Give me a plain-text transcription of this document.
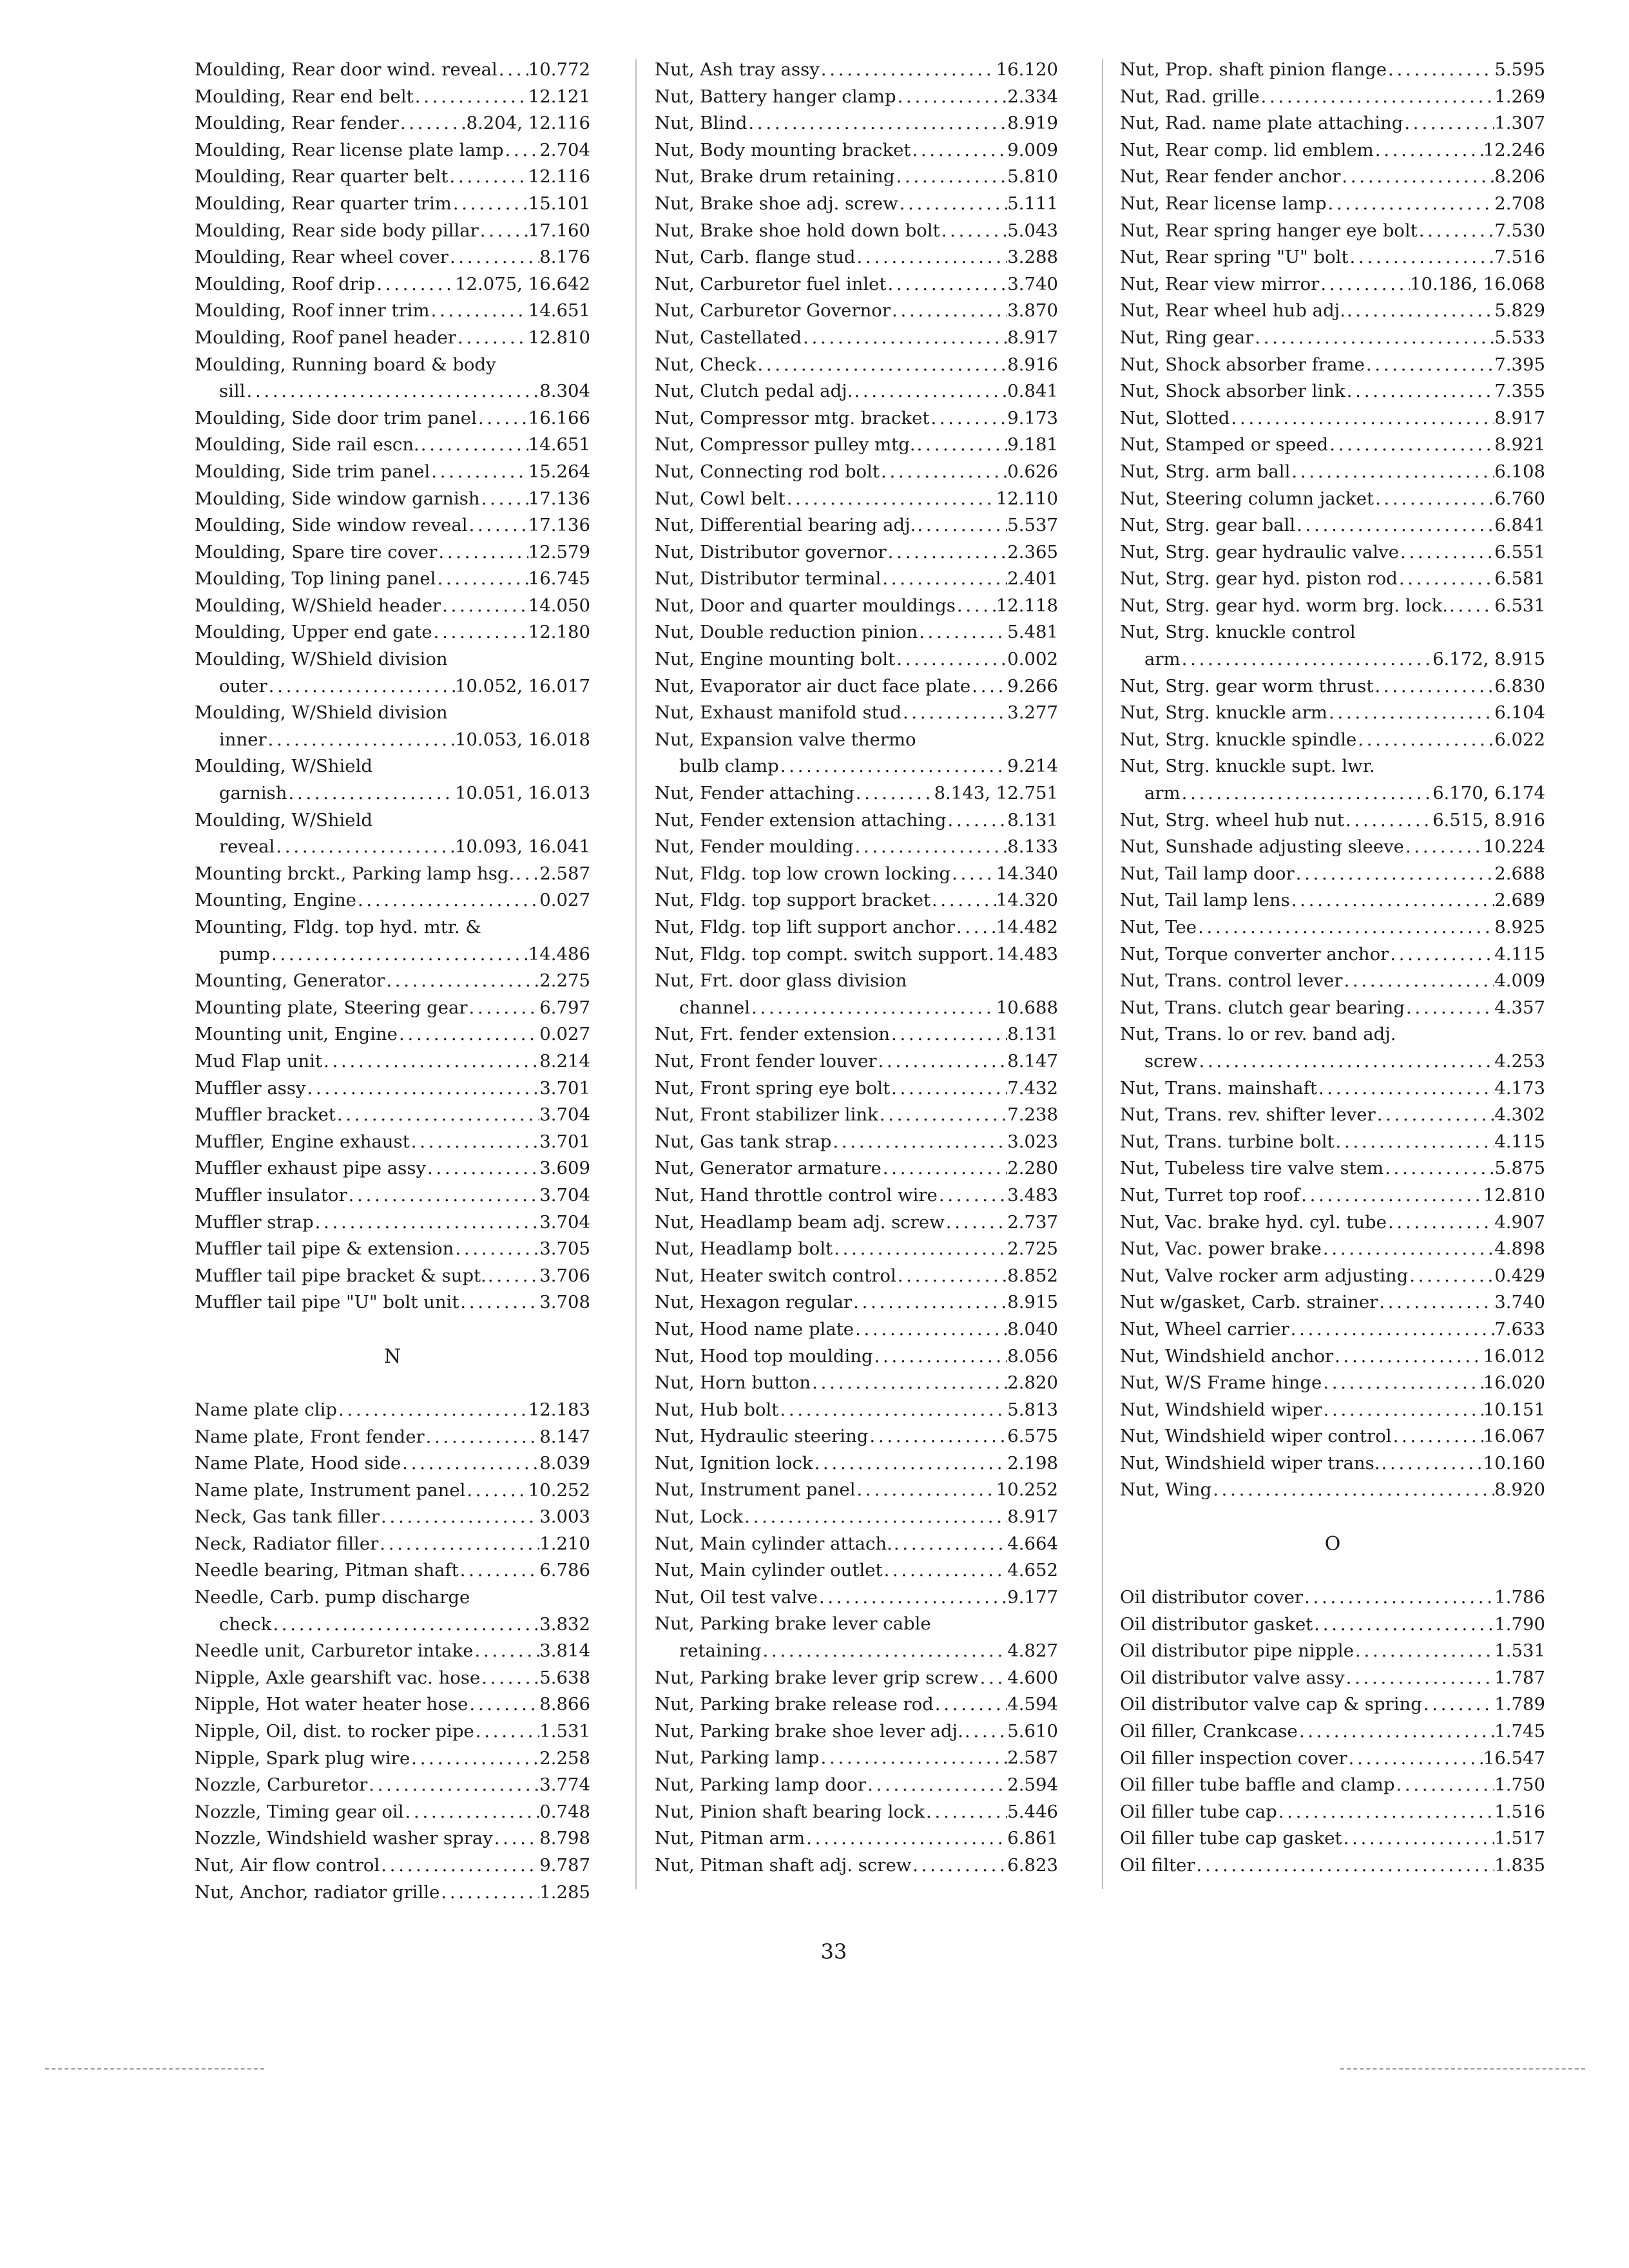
Moulding, Rear door wind. reveal . . . 10.772
Moulding, Rear end belt . . .	12.121
Moulding, Rear fender . . .	8.204, 12.116
Moulding, Rear license plate lamp . . . 2.704
Moulding, Rear quarter belt . . .	12.116
Moulding, Rear quarter trim . . .	15.101
Moulding, Rear side body pillar . . .	17.160
Moulding, Rear wheel cover . . .	8.176
Moulding, Roof drip . . .	12.075, 16.642
Moulding, Roof inner trim . . .	14.651
Moulding, Roof panel header . . .	12.810
Moulding, Running board & body
sill . . .	8.304
Moulding, Side door trim panel . . .	16.166
Moulding, Side rail escn. . . .	14.651
Moulding, Side trim panel . . .	15.264
Moulding, Side window garnish . . .	17.136
Moulding, Side window reveal . . .	17.136
Moulding, Spare tire cover . . .	12.579
Moulding, Top lining panel . . .	16.745
Moulding, W/Shield header . . .	14.050
Moulding, Upper end gate . . .	12.180
Moulding, W/Shield division
outer . . .	10.052, 16.017
Moulding, W/Shield division
inner . . .	10.053, 16.018
Moulding, W/Shield
garnish . . .	10.051, 16.013
Moulding, W/Shield
reveal . . .	10.093, 16.041
Mounting brckt., Parking lamp hsg. . . . 2.587
Mounting, Engine . . .	0.027
Mounting, Fldg. top hyd. mtr. &
pump . . .	14.486
Mounting, Generator . . .	2.275
Mounting plate, Steering gear . . .	6.797
Mounting unit, Engine . . .	0.027
Mud Flap unit . . .	8.214
Muffler assy . . .	3.701
Muffler bracket . . .	3.704
Muffler, Engine exhaust . . .	3.701
Muffler exhaust pipe assy . . .	3.609
Muffler insulator . . .	3.704
Muffler strap . . .	3.704
Muffler tail pipe & extension . . .	3.705
Muffler tail pipe bracket & supt. . . .	3.706
Muffler tail pipe "U" bolt unit . . .	3.708
N
Name plate clip . . .	12.183
Name plate, Front fender . . .	8.147
Name Plate, Hood side . . .	8.039
Name plate, Instrument panel . . .	10.252
Neck, Gas tank filler . . .	3.003
Neck, Radiator filler . . .	1.210
Needle bearing, Pitman shaft . . .	6.786
Needle, Carb. pump discharge
check . . .	3.832
Needle unit, Carburetor intake . . .	3.814
Nipple, Axle gearshift vac. hose . . .	5.638
Nipple, Hot water heater hose . . .	8.866
Nipple, Oil, dist. to rocker pipe . . .	1.531
Nipple, Spark plug wire . . .	2.258
Nozzle, Carburetor . . .	3.774
Nozzle, Timing gear oil . . .	0.748
Nozzle, Windshield washer spray . . .	8.798
Nut, Air flow control . . .	9.787
Nut, Anchor, radiator grille . . .	1.285
Nut, Ash tray assy . . .	16.120
Nut, Battery hanger clamp . . .	2.334
Nut, Blind . . .	8.919
Nut, Body mounting bracket . . .	9.009
Nut, Brake drum retaining . . .	5.810
Nut, Brake shoe adj. screw . . .	5.111
Nut, Brake shoe hold down bolt . . .	5.043
Nut, Carb. flange stud . . .	3.288
Nut, Carburetor fuel inlet . . .	3.740
Nut, Carburetor Governor . . .	3.870
Nut, Castellated . . .	8.917
Nut, Check . . .	8.916
Nut, Clutch pedal adj. . . .	0.841
Nut, Compressor mtg. bracket . . .	9.173
Nut, Compressor pulley mtg. . . .	9.181
Nut, Connecting rod bolt . . .	0.626
Nut, Cowl belt . . .	12.110
Nut, Differential bearing adj. . . .	5.537
Nut, Distributor governor . . .	2.365
Nut, Distributor terminal . . .	2.401
Nut, Door and quarter mouldings . . . 12.118
Nut, Double reduction pinion . . .	5.481
Nut, Engine mounting bolt . . .	0.002
Nut, Evaporator air duct face plate . . . 9.266
Nut, Exhaust manifold stud . . .	3.277
Nut, Expansion valve thermo
bulb clamp . . .	9.214
Nut, Fender attaching . . .	8.143, 12.751
Nut, Fender extension attaching . . .	8.131
Nut, Fender moulding . . .	8.133
Nut, Fldg. top low crown locking . . .	14.340
Nut, Fldg. top support bracket . . .	14.320
Nut, Fldg. top lift support anchor . . . 14.482
Nut, Fldg. top compt. switch support . . . 14.483
Nut, Frt. door glass division
channel . . .	10.688
Nut, Frt. fender extension . . .	8.131
Nut, Front fender louver . . .	8.147
Nut, Front spring eye bolt . . .	7.432
Nut, Front stabilizer link . . .	7.238
Nut, Gas tank strap . . .	3.023
Nut, Generator armature . . .	2.280
Nut, Hand throttle control wire . . .	3.483
Nut, Headlamp beam adj. screw . . .	2.737
Nut, Headlamp bolt . . .	2.725
Nut, Heater switch control . . .	8.852
Nut, Hexagon regular . . .	8.915
Nut, Hood name plate . . .	8.040
Nut, Hood top moulding . . .	8.056
Nut, Horn button . . .	2.820
Nut, Hub bolt . . .	5.813
Nut, Hydraulic steering . . .	6.575
Nut, Ignition lock . . .	2.198
Nut, Instrument panel . . .	10.252
Nut, Lock . . .	8.917
Nut, Main cylinder attach. . . .	4.664
Nut, Main cylinder outlet . . .	4.652
Nut, Oil test valve . . .	9.177
Nut, Parking brake lever cable
retaining . . .	4.827
Nut, Parking brake lever grip screw . . . 4.600
Nut, Parking brake release rod . . .	4.594
Nut, Parking brake shoe lever adj. . . . 5.610
Nut, Parking lamp . . .	2.587
Nut, Parking lamp door . . .	2.594
Nut, Pinion shaft bearing lock . . .	5.446
Nut, Pitman arm . . .	6.861
Nut, Pitman shaft adj. screw . . .	6.823
Nut, Prop. shaft pinion flange . . .	5.595
Nut, Rad. grille . . .	1.269
Nut, Rad. name plate attaching . . .	1.307
Nut, Rear comp. lid emblem . . .	12.246
Nut, Rear fender anchor . . .	8.206
Nut, Rear license lamp . . .	2.708
Nut, Rear spring hanger eye bolt . . .	7.530
Nut, Rear spring "U" bolt . . .	7.516
Nut, Rear view mirror . . .	10.186, 16.068
Nut, Rear wheel hub adj. . . .	5.829
Nut, Ring gear . . .	5.533
Nut, Shock absorber frame . . .	7.395
Nut, Shock absorber link . . .	7.355
Nut, Slotted . . .	8.917
Nut, Stamped or speed . . .	8.921
Nut, Strg. arm ball . . .	6.108
Nut, Steering column jacket . . .	6.760
Nut, Strg. gear ball . . .	6.841
Nut, Strg. gear hydraulic valve . . .	6.551
Nut, Strg. gear hyd. piston rod . . .	6.581
Nut, Strg. gear hyd. worm brg. lock. . . .	6.531
Nut, Strg. knuckle control
arm . . .	6.172, 8.915
Nut, Strg. gear worm thrust . . .	6.830
Nut, Strg. knuckle arm . . .	6.104
Nut, Strg. knuckle spindle . . .	6.022
Nut, Strg. knuckle supt. lwr.
arm . . .	6.170, 6.174
Nut, Strg. wheel hub nut . . .	6.515, 8.916
Nut, Sunshade adjusting sleeve . . .	10.224
Nut, Tail lamp door . . .	2.688
Nut, Tail lamp lens . . .	2.689
Nut, Tee . . .	8.925
Nut, Torque converter anchor . . .	4.115
Nut, Trans. control lever . . .	4.009
Nut, Trans. clutch gear bearing . . .	4.357
Nut, Trans. lo or rev. band adj.
screw . . .	4.253
Nut, Trans. mainshaft . . .	4.173
Nut, Trans. rev. shifter lever . . .	4.302
Nut, Trans. turbine bolt . . .	4.115
Nut, Tubeless tire valve stem . . .	5.875
Nut, Turret top roof . . .	12.810
Nut, Vac. brake hyd. cyl. tube . . .	4.907
Nut, Vac. power brake . . .	4.898
Nut, Valve rocker arm adjusting . . .	0.429
Nut w/gasket, Carb. strainer . . .	3.740
Nut, Wheel carrier . . .	7.633
Nut, Windshield anchor . . .	16.012
Nut, W/S Frame hinge . . .	16.020
Nut, Windshield wiper . . .	10.151
Nut, Windshield wiper control . . .	16.067
Nut, Windshield wiper trans. . . .	10.160
Nut, Wing . . .	8.920
O
Oil distributor cover . . .	1.786
Oil distributor gasket . . .	1.790
Oil distributor pipe nipple . . .	1.531
Oil distributor valve assy . . .	1.787
Oil distributor valve cap & spring . . .	1.789
Oil filler, Crankcase . . .	1.745
Oil filler inspection cover . . .	16.547
Oil filler tube baffle and clamp . . .	1.750
Oil filler tube cap . . .	1.516
Oil filler tube cap gasket . . .	1.517
Oil filter . . .	1.835
33
